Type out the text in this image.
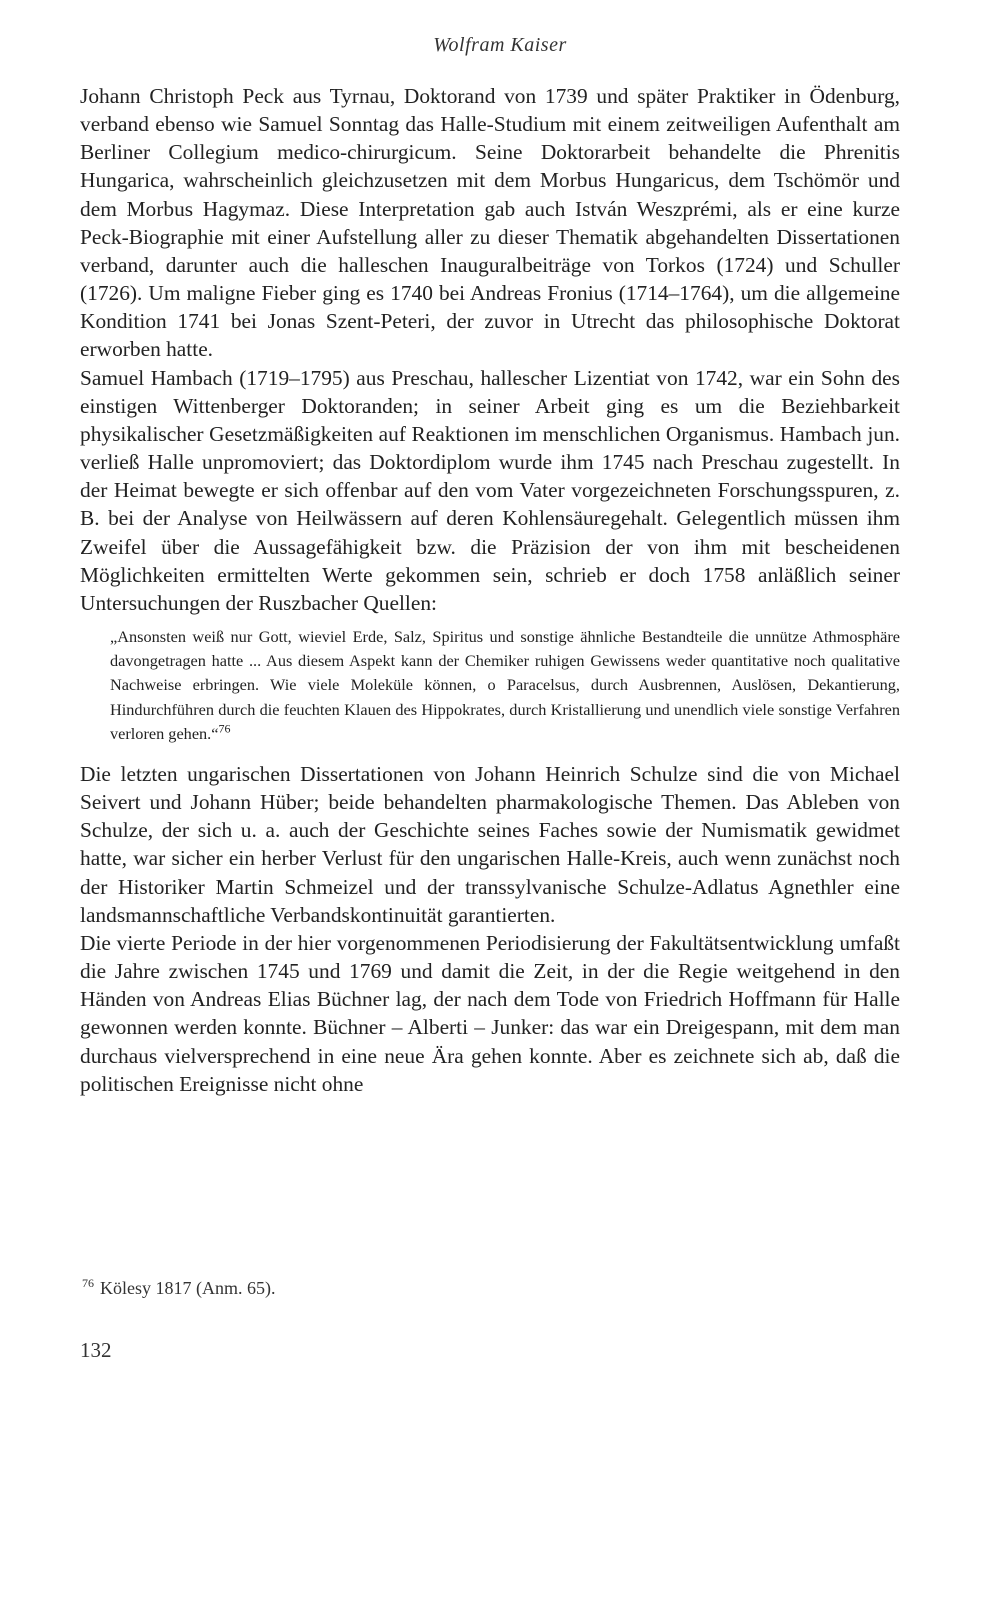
Wolfram Kaiser

Johann Christoph Peck aus Tyrnau, Doktorand von 1739 und später Praktiker in Ödenburg, verband ebenso wie Samuel Sonntag das Halle-Studium mit einem zeitweiligen Aufenthalt am Berliner Collegium medico-chirurgicum. Seine Doktorarbeit behandelte die Phrenitis Hungarica, wahrscheinlich gleichzusetzen mit dem Morbus Hungaricus, dem Tschömör und dem Morbus Hagymaz. Diese Interpretation gab auch István Weszprémi, als er eine kurze Peck-Biographie mit einer Aufstellung aller zu dieser Thematik abgehandelten Dissertationen verband, darunter auch die halleschen Inauguralbeiträge von Torkos (1724) und Schuller (1726). Um maligne Fieber ging es 1740 bei Andreas Fronius (1714–1764), um die allgemeine Kondition 1741 bei Jonas Szent-Peteri, der zuvor in Utrecht das philosophische Doktorat erworben hatte.

Samuel Hambach (1719–1795) aus Preschau, hallescher Lizentiat von 1742, war ein Sohn des einstigen Wittenberger Doktoranden; in seiner Arbeit ging es um die Beziehbarkeit physikalischer Gesetzmäßigkeiten auf Reaktionen im menschlichen Organismus. Hambach jun. verließ Halle unpromoviert; das Doktordiplom wurde ihm 1745 nach Preschau zugestellt. In der Heimat bewegte er sich offenbar auf den vom Vater vorgezeichneten Forschungsspuren, z. B. bei der Analyse von Heilwässern auf deren Kohlensäuregehalt. Gelegentlich müssen ihm Zweifel über die Aussagefähigkeit bzw. die Präzision der von ihm mit bescheidenen Möglichkeiten ermittelten Werte gekommen sein, schrieb er doch 1758 anläßlich seiner Untersuchungen der Ruszbacher Quellen:

„Ansonsten weiß nur Gott, wieviel Erde, Salz, Spiritus und sonstige ähnliche Bestandteile die unnütze Athmosphäre davongetragen hatte ... Aus diesem Aspekt kann der Chemiker ruhigen Gewissens weder quantitative noch qualitative Nachweise erbringen. Wie viele Moleküle können, o Paracelsus, durch Ausbrennen, Auslösen, Dekantierung, Hindurchführen durch die feuchten Klauen des Hippokrates, durch Kristallierung und unendlich viele sonstige Verfahren verloren gehen.“$^{76}$

Die letzten ungarischen Dissertationen von Johann Heinrich Schulze sind die von Michael Seivert und Johann Hüber; beide behandelten pharmakologische Themen. Das Ableben von Schulze, der sich u. a. auch der Geschichte seines Faches sowie der Numismatik gewidmet hatte, war sicher ein herber Verlust für den ungarischen Halle-Kreis, auch wenn zunächst noch der Historiker Martin Schmeizel und der transsylvanische Schulze-Adlatus Agnethler eine landsmannschaftliche Verbandskontinuität garantierten.

Die vierte Periode in der hier vorgenommenen Periodisierung der Fakultätsentwicklung umfaßt die Jahre zwischen 1745 und 1769 und damit die Zeit, in der die Regie weitgehend in den Händen von Andreas Elias Büchner lag, der nach dem Tode von Friedrich Hoffmann für Halle gewonnen werden konnte. Büchner – Alberti – Junker: das war ein Dreigespann, mit dem man durchaus vielversprechend in eine neue Ära gehen konnte. Aber es zeichnete sich ab, daß die politischen Ereignisse nicht ohne

$^{76}$ Kölesy 1817 (Anm. 65).
132
